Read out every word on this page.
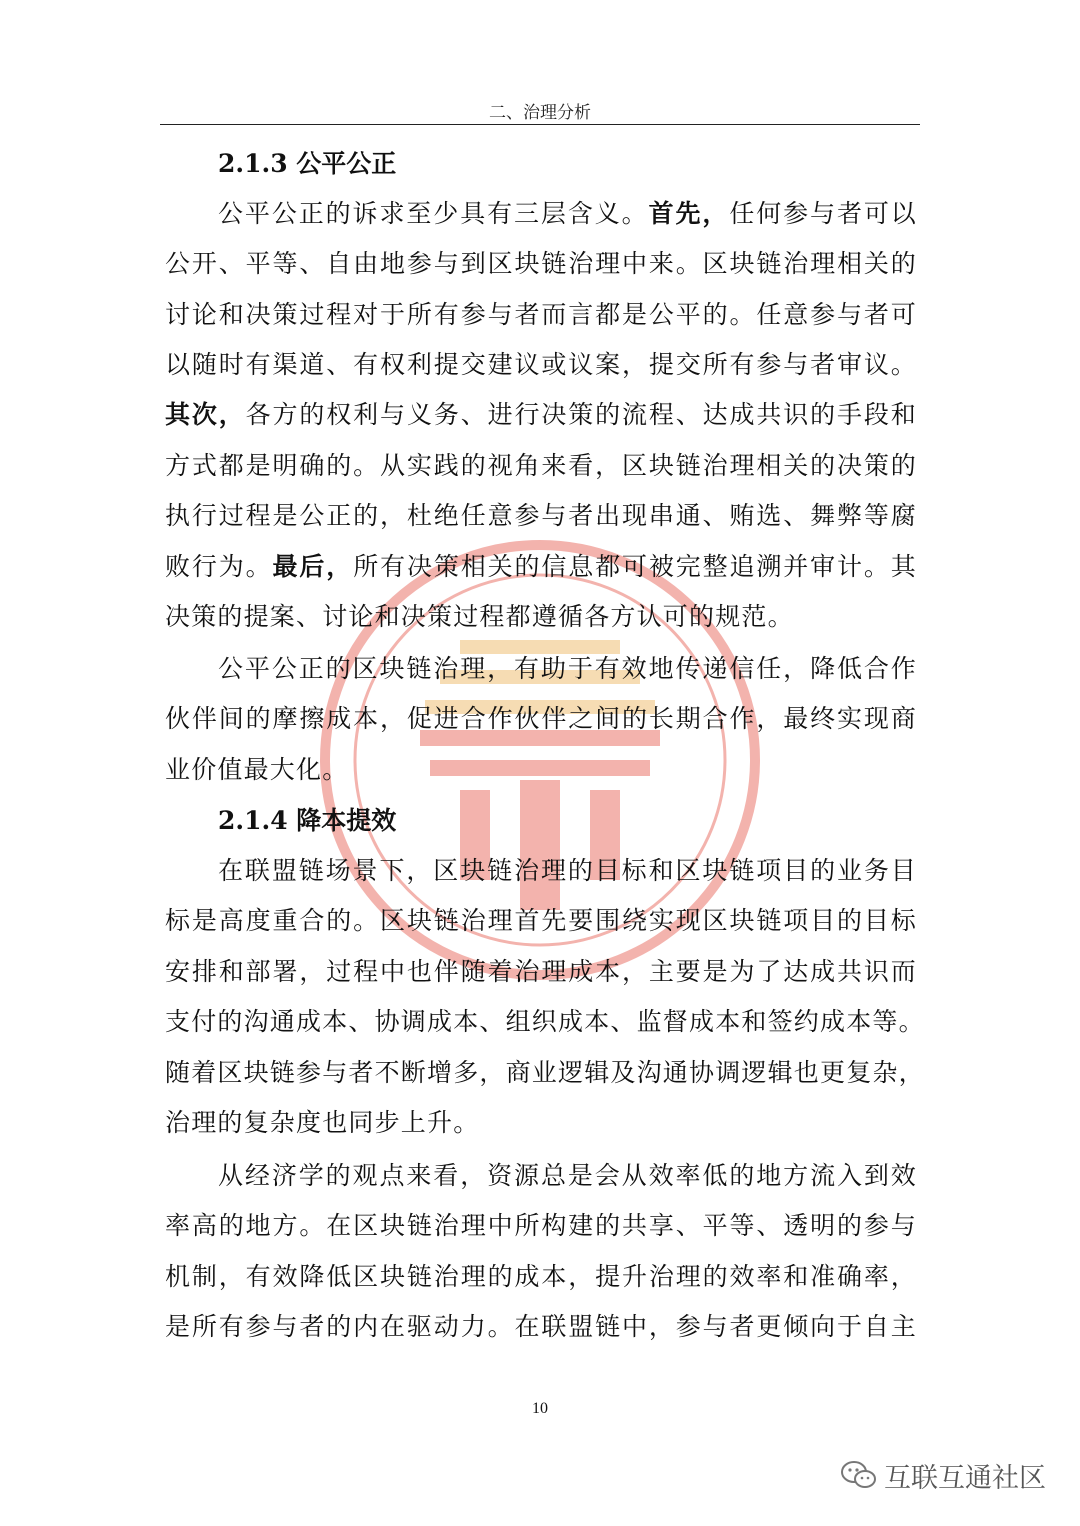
二、治理分析
2.1.3 公平公正
公平公正的诉求至少具有三层含义。首先，任何参与者可以
公开、平等、自由地参与到区块链治理中来。区块链治理相关的
讨论和决策过程对于所有参与者而言都是公平的。任意参与者可
以随时有渠道、有权利提交建议或议案，提交所有参与者审议。
其次，各方的权利与义务、进行决策的流程、达成共识的手段和
方式都是明确的。从实践的视角来看，区块链治理相关的决策的
执行过程是公正的，杜绝任意参与者出现串通、贿选、舞弊等腐
败行为。最后，所有决策相关的信息都可被完整追溯并审计。其
决策的提案、讨论和决策过程都遵循各方认可的规范。
公平公正的区块链治理，有助于有效地传递信任，降低合作
伙伴间的摩擦成本，促进合作伙伴之间的长期合作，最终实现商
业价值最大化。
2.1.4 降本提效
在联盟链场景下，区块链治理的目标和区块链项目的业务目
标是高度重合的。区块链治理首先要围绕实现区块链项目的目标
安排和部署，过程中也伴随着治理成本，主要是为了达成共识而
支付的沟通成本、协调成本、组织成本、监督成本和签约成本等。
随着区块链参与者不断增多，商业逻辑及沟通协调逻辑也更复杂，
治理的复杂度也同步上升。
从经济学的观点来看，资源总是会从效率低的地方流入到效
率高的地方。在区块链治理中所构建的共享、平等、透明的参与
机制，有效降低区块链治理的成本，提升治理的效率和准确率，
是所有参与者的内在驱动力。在联盟链中，参与者更倾向于自主
10
互联互通社区
